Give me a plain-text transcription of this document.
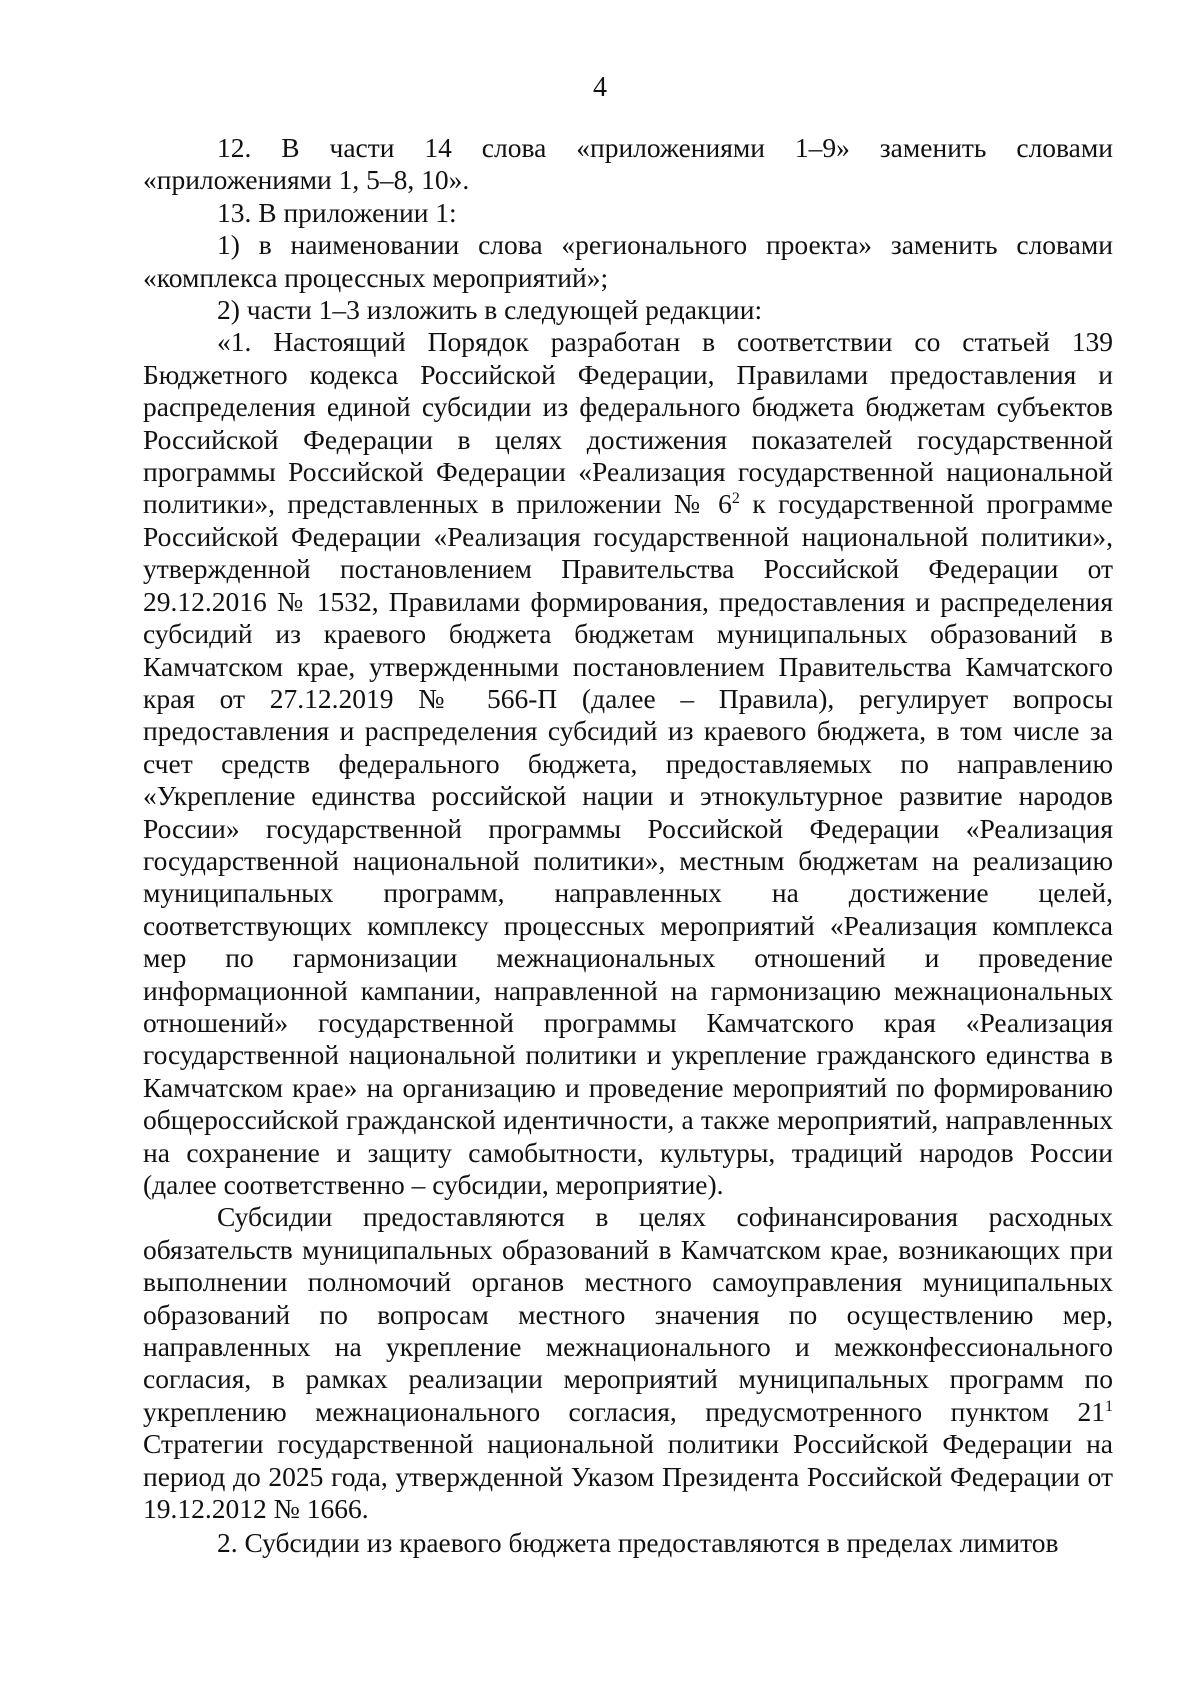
4

12. В части 14 слова «приложениями 1–9» заменить словами «приложениями 1, 5–8, 10».

13. В приложении 1:

1) в наименовании слова «регионального проекта» заменить словами «комплекса процессных мероприятий»;

2) части 1–3 изложить в следующей редакции:

«1. Настоящий Порядок разработан в соответствии со статьей 139 Бюджетного кодекса Российской Федерации, Правилами предоставления и распределения единой субсидии из федерального бюджета бюджетам субъектов Российской Федерации в целях достижения показателей государственной программы Российской Федерации «Реализация государственной национальной политики», представленных в приложении № $6^2$ к государственной программе Российской Федерации «Реализация государственной национальной политики», утвержденной постановлением Правительства Российской Федерации от 29.12.2016 № 1532, Правилами формирования, предоставления и распределения субсидий из краевого бюджета бюджетам муниципальных образований в Камчатском крае, утвержденными постановлением Правительства Камчатского края от 27.12.2019 № 566-П (далее – Правила), регулирует вопросы предоставления и распределения субсидий из краевого бюджета, в том числе за счет средств федерального бюджета, предоставляемых по направлению «Укрепление единства российской нации и этнокультурное развитие народов России» государственной программы Российской Федерации «Реализация государственной национальной политики», местным бюджетам на реализацию муниципальных программ, направленных на достижение целей, соответствующих комплексу процессных мероприятий «Реализация комплекса мер по гармонизации межнациональных отношений и проведение информационной кампании, направленной на гармонизацию межнациональных отношений» государственной программы Камчатского края «Реализация государственной национальной политики и укрепление гражданского единства в Камчатском крае» на организацию и проведение мероприятий по формированию общероссийской гражданской идентичности, а также мероприятий, направленных на сохранение и защиту самобытности, культуры, традиций народов России (далее соответственно – субсидии, мероприятие).

Субсидии предоставляются в целях софинансирования расходных обязательств муниципальных образований в Камчатском крае, возникающих при выполнении полномочий органов местного самоуправления муниципальных образований по вопросам местного значения по осуществлению мер, направленных на укрепление межнационального и межконфессионального согласия, в рамках реализации мероприятий муниципальных программ по укреплению межнационального согласия, предусмотренного пунктом $21^1$ Стратегии государственной национальной политики Российской Федерации на период до 2025 года, утвержденной Указом Президента Российской Федерации от 19.12.2012 № 1666.

2. Субсидии из краевого бюджета предоставляются в пределах лимитов
